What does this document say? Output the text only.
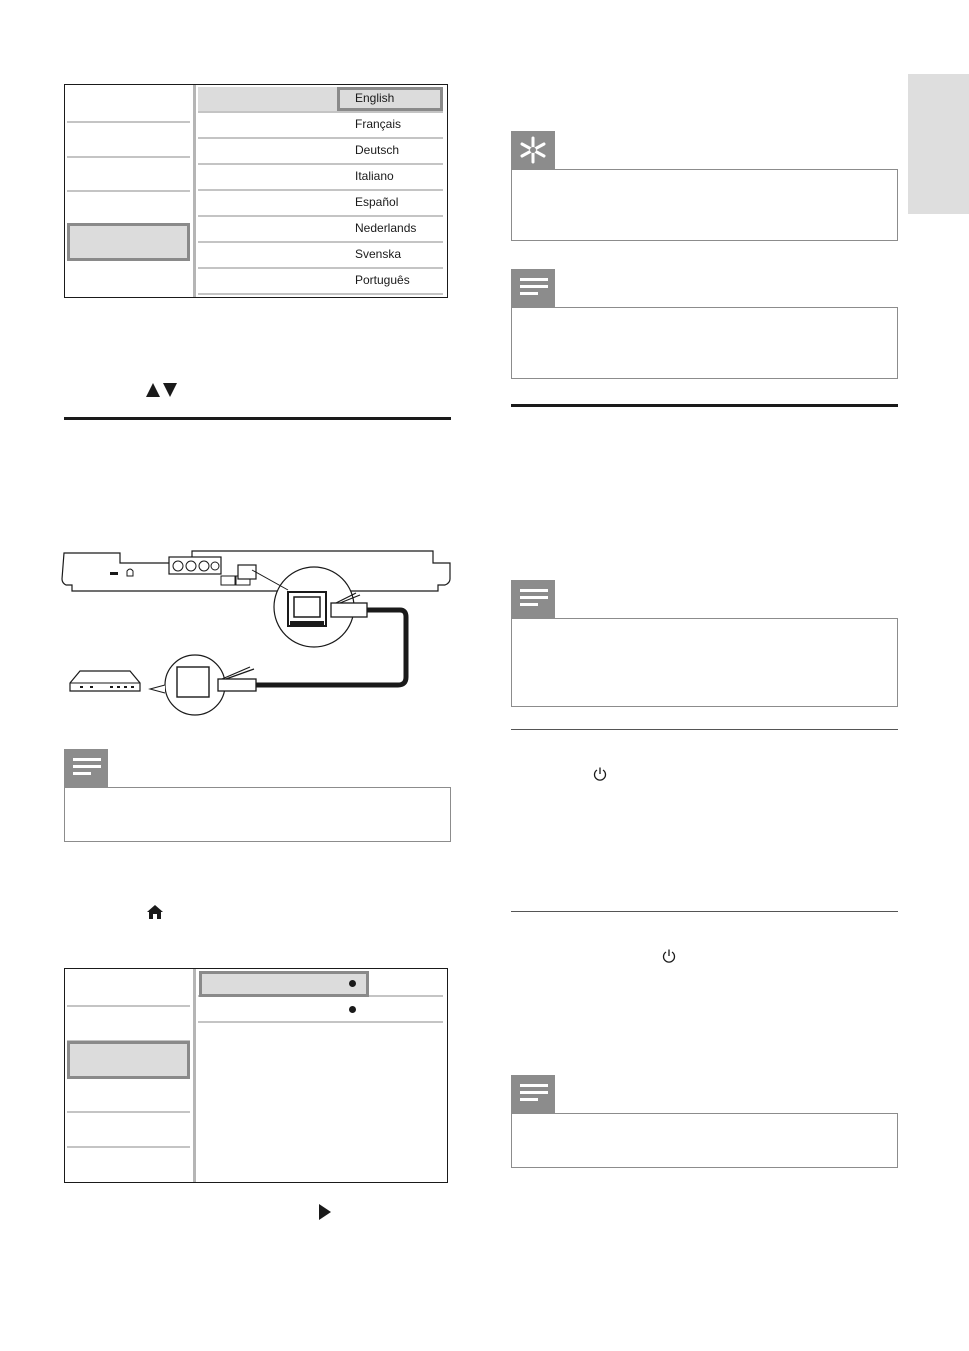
English
Français
Deutsch
Italiano
Español
Nederlands
Svenska
Português
